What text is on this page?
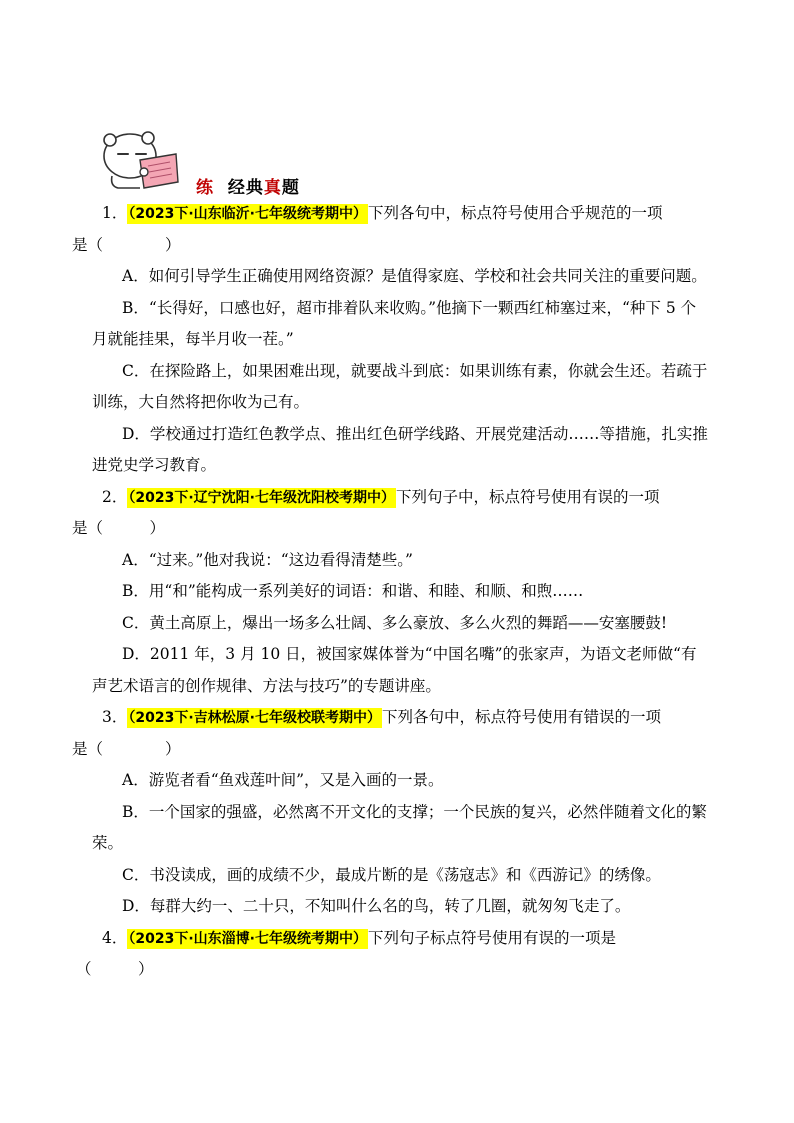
练 经典真题
1．（2023下·山东临沂·七年级统考期中）下列各句中，标点符号使用合乎规范的一项
是（　　　　）
A．如何引导学生正确使用网络资源？是值得家庭、学校和社会共同关注的重要问题。
B．“长得好，口感也好，超市排着队来收购。”他摘下一颗西红柿塞过来，“种下 5 个
月就能挂果，每半月收一茬。”
C．在探险路上，如果困难出现，就要战斗到底：如果训练有素，你就会生还。若疏于
训练，大自然将把你收为己有。
D．学校通过打造红色教学点、推出红色研学线路、开展党建活动……等措施，扎实推
进党史学习教育。
2．（2023下·辽宁沈阳·七年级沈阳校考期中）下列句子中，标点符号使用有误的一项
是（　　　）
A．“过来。”他对我说：“这边看得清楚些。”
B．用“和”能构成一系列美好的词语：和谐、和睦、和顺、和煦……
C．黄土高原上，爆出一场多么壮阔、多么豪放、多么火烈的舞蹈——安塞腰鼓!
D．2011 年，3 月 10 日，被国家媒体誉为“中国名嘴”的张家声，为语文老师做“有
声艺术语言的创作规律、方法与技巧”的专题讲座。
3．（2023下·吉林松原·七年级校联考期中）下列各句中，标点符号使用有错误的一项
是（　　　　）
A．游览者看“鱼戏莲叶间”，又是入画的一景。
B．一个国家的强盛，必然离不开文化的支撑；一个民族的复兴，必然伴随着文化的繁
荣。
C．书没读成，画的成绩不少，最成片断的是《荡寇志》和《西游记》的绣像。
D．每群大约一、二十只，不知叫什么名的鸟，转了几圈，就匆匆飞走了。
4．（2023下·山东淄博·七年级统考期中）下列句子标点符号使用有误的一项是
（　　　）
